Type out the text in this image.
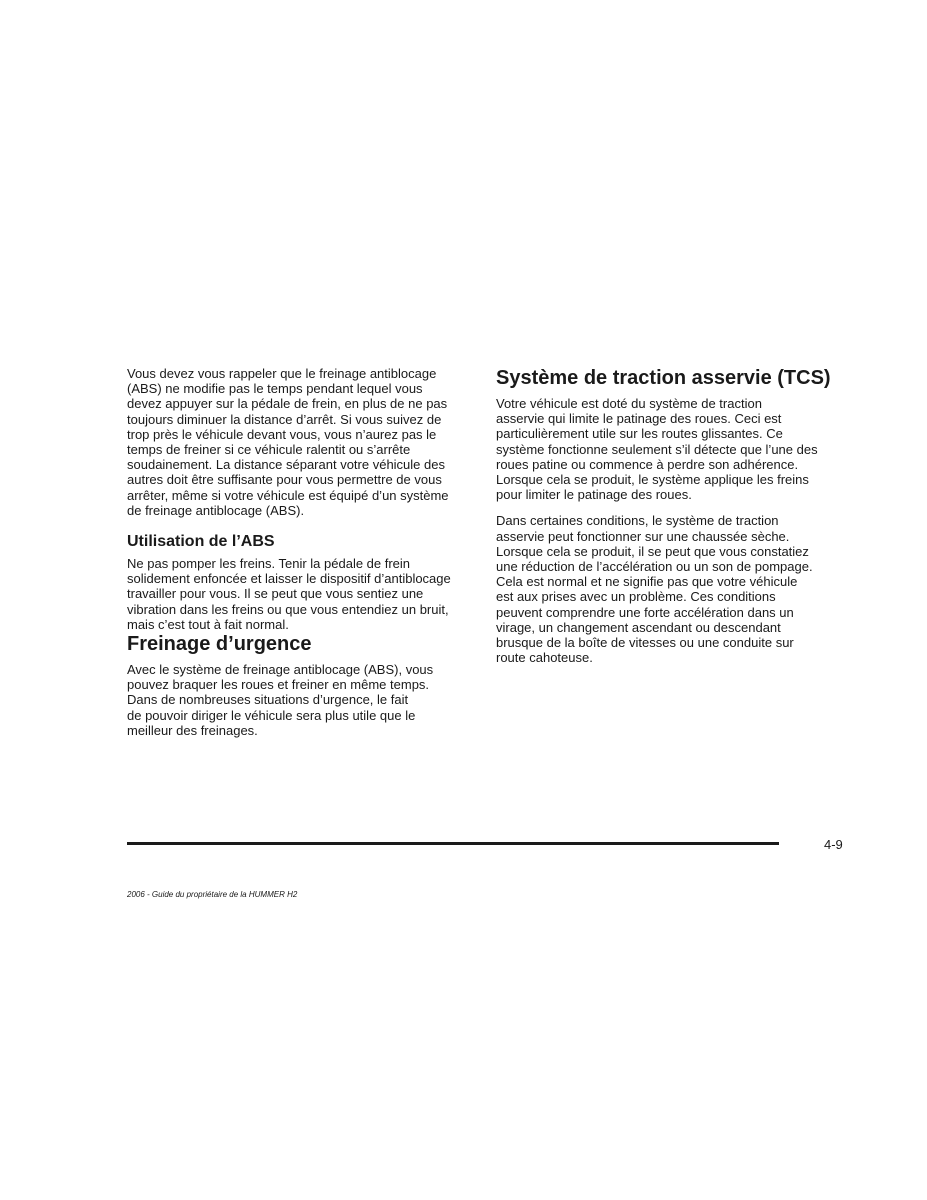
Vous devez vous rappeler que le freinage antiblocage

(ABS) ne modifie pas le temps pendant lequel vous

devez appuyer sur la pédale de frein, en plus de ne pas

toujours diminuer la distance d’arrêt. Si vous suivez de

trop près le véhicule devant vous, vous n’aurez pas le

temps de freiner si ce véhicule ralentit ou s’arrête

soudainement. La distance séparant votre véhicule des

autres doit être suffisante pour vous permettre de vous

arrêter, même si votre véhicule est équipé d’un système

de freinage antiblocage (ABS).

Utilisation de l’ABS

Ne pas pomper les freins. Tenir la pédale de frein

solidement enfoncée et laisser le dispositif d’antiblocage

travailler pour vous. Il se peut que vous sentiez une

vibration dans les freins ou que vous entendiez un bruit,

mais c’est tout à fait normal.

Freinage d’urgence

Avec le système de freinage antiblocage (ABS), vous

pouvez braquer les roues et freiner en même temps.

Dans de nombreuses situations d’urgence, le fait

de pouvoir diriger le véhicule sera plus utile que le

meilleur des freinages.

Système de traction asservie (TCS)

Votre véhicule est doté du système de traction

asservie qui limite le patinage des roues. Ceci est

particulièrement utile sur les routes glissantes. Ce

système fonctionne seulement s’il détecte que l’une des

roues patine ou commence à perdre son adhérence.

Lorsque cela se produit, le système applique les freins

pour limiter le patinage des roues.

Dans certaines conditions, le système de traction

asservie peut fonctionner sur une chaussée sèche.

Lorsque cela se produit, il se peut que vous constatiez

une réduction de l’accélération ou un son de pompage.

Cela est normal et ne signifie pas que votre véhicule

est aux prises avec un problème. Ces conditions

peuvent comprendre une forte accélération dans un

virage, un changement ascendant ou descendant

brusque de la boîte de vitesses ou une conduite sur

route cahoteuse.

4-9
2006 - Guide du propriétaire de la HUMMER H2
